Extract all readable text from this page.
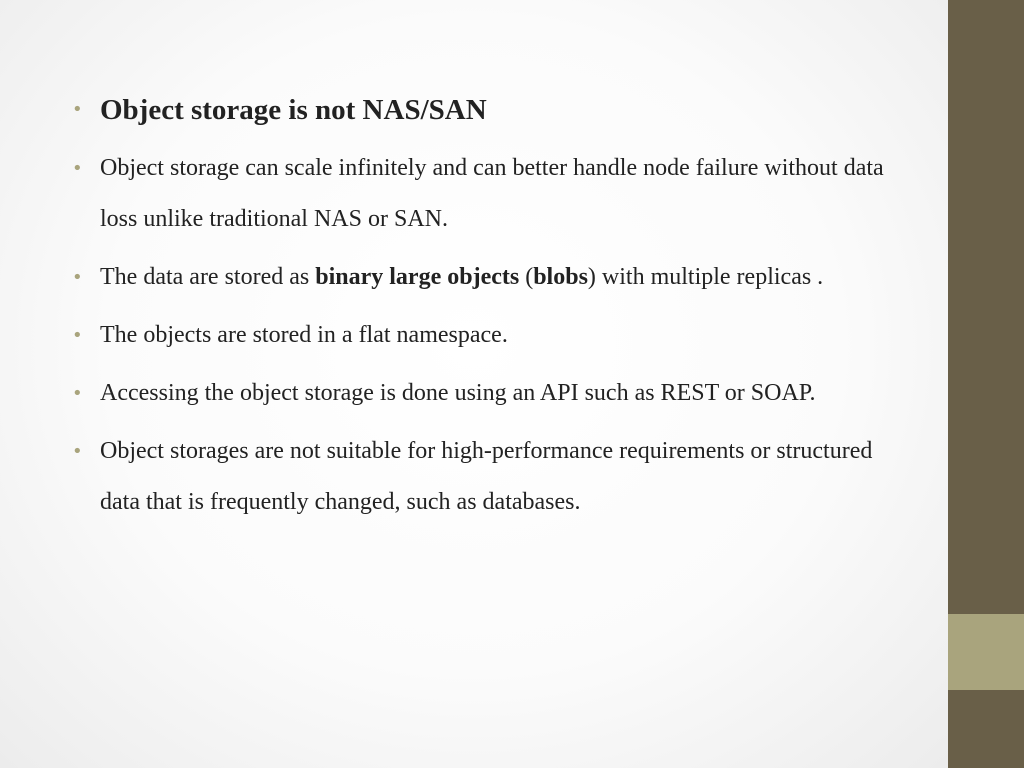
• Object storage is not NAS/SAN
• Object storage can scale infinitely and can better handle node failure without data loss unlike traditional NAS or SAN.
• The data are stored as binary large objects (blobs) with multiple replicas .
• The objects are stored in a flat namespace.
• Accessing the object storage is done using an API such as REST or SOAP.
• Object storages are not suitable for high-performance requirements or structured data that is frequently changed, such as databases.
